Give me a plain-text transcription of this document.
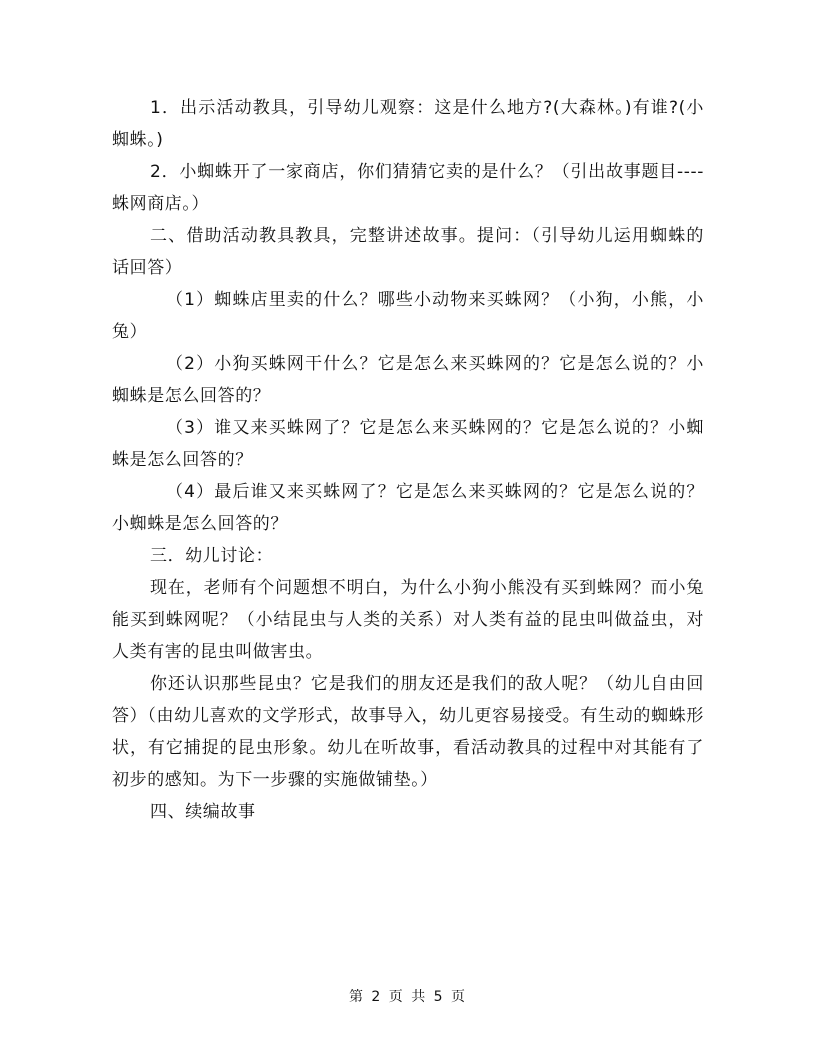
1．出示活动教具，引导幼儿观察：这是什么地方?(大森林。)有谁?(小蜘蛛。)

2．小蜘蛛开了一家商店，你们猜猜它卖的是什么？（引出故事题目----蛛网商店。）

二、借助活动教具教具，完整讲述故事。提问：（引导幼儿运用蜘蛛的话回答）

（1）蜘蛛店里卖的什么？哪些小动物来买蛛网？（小狗，小熊，小兔）

（2）小狗买蛛网干什么？它是怎么来买蛛网的？它是怎么说的？小蜘蛛是怎么回答的？

（3）谁又来买蛛网了？它是怎么来买蛛网的？它是怎么说的？小蜘蛛是怎么回答的？

（4）最后谁又来买蛛网了？它是怎么来买蛛网的？它是怎么说的？小蜘蛛是怎么回答的？

三．幼儿讨论：

现在，老师有个问题想不明白，为什么小狗小熊没有买到蛛网？而小兔能买到蛛网呢？（小结昆虫与人类的关系）对人类有益的昆虫叫做益虫，对人类有害的昆虫叫做害虫。

你还认识那些昆虫？它是我们的朋友还是我们的敌人呢？（幼儿自由回答）（由幼儿喜欢的文学形式，故事导入，幼儿更容易接受。有生动的蜘蛛形状，有它捕捉的昆虫形象。幼儿在听故事，看活动教具的过程中对其能有了初步的感知。为下一步骤的实施做铺垫。）

四、续编故事

第 2 页 共 5 页
